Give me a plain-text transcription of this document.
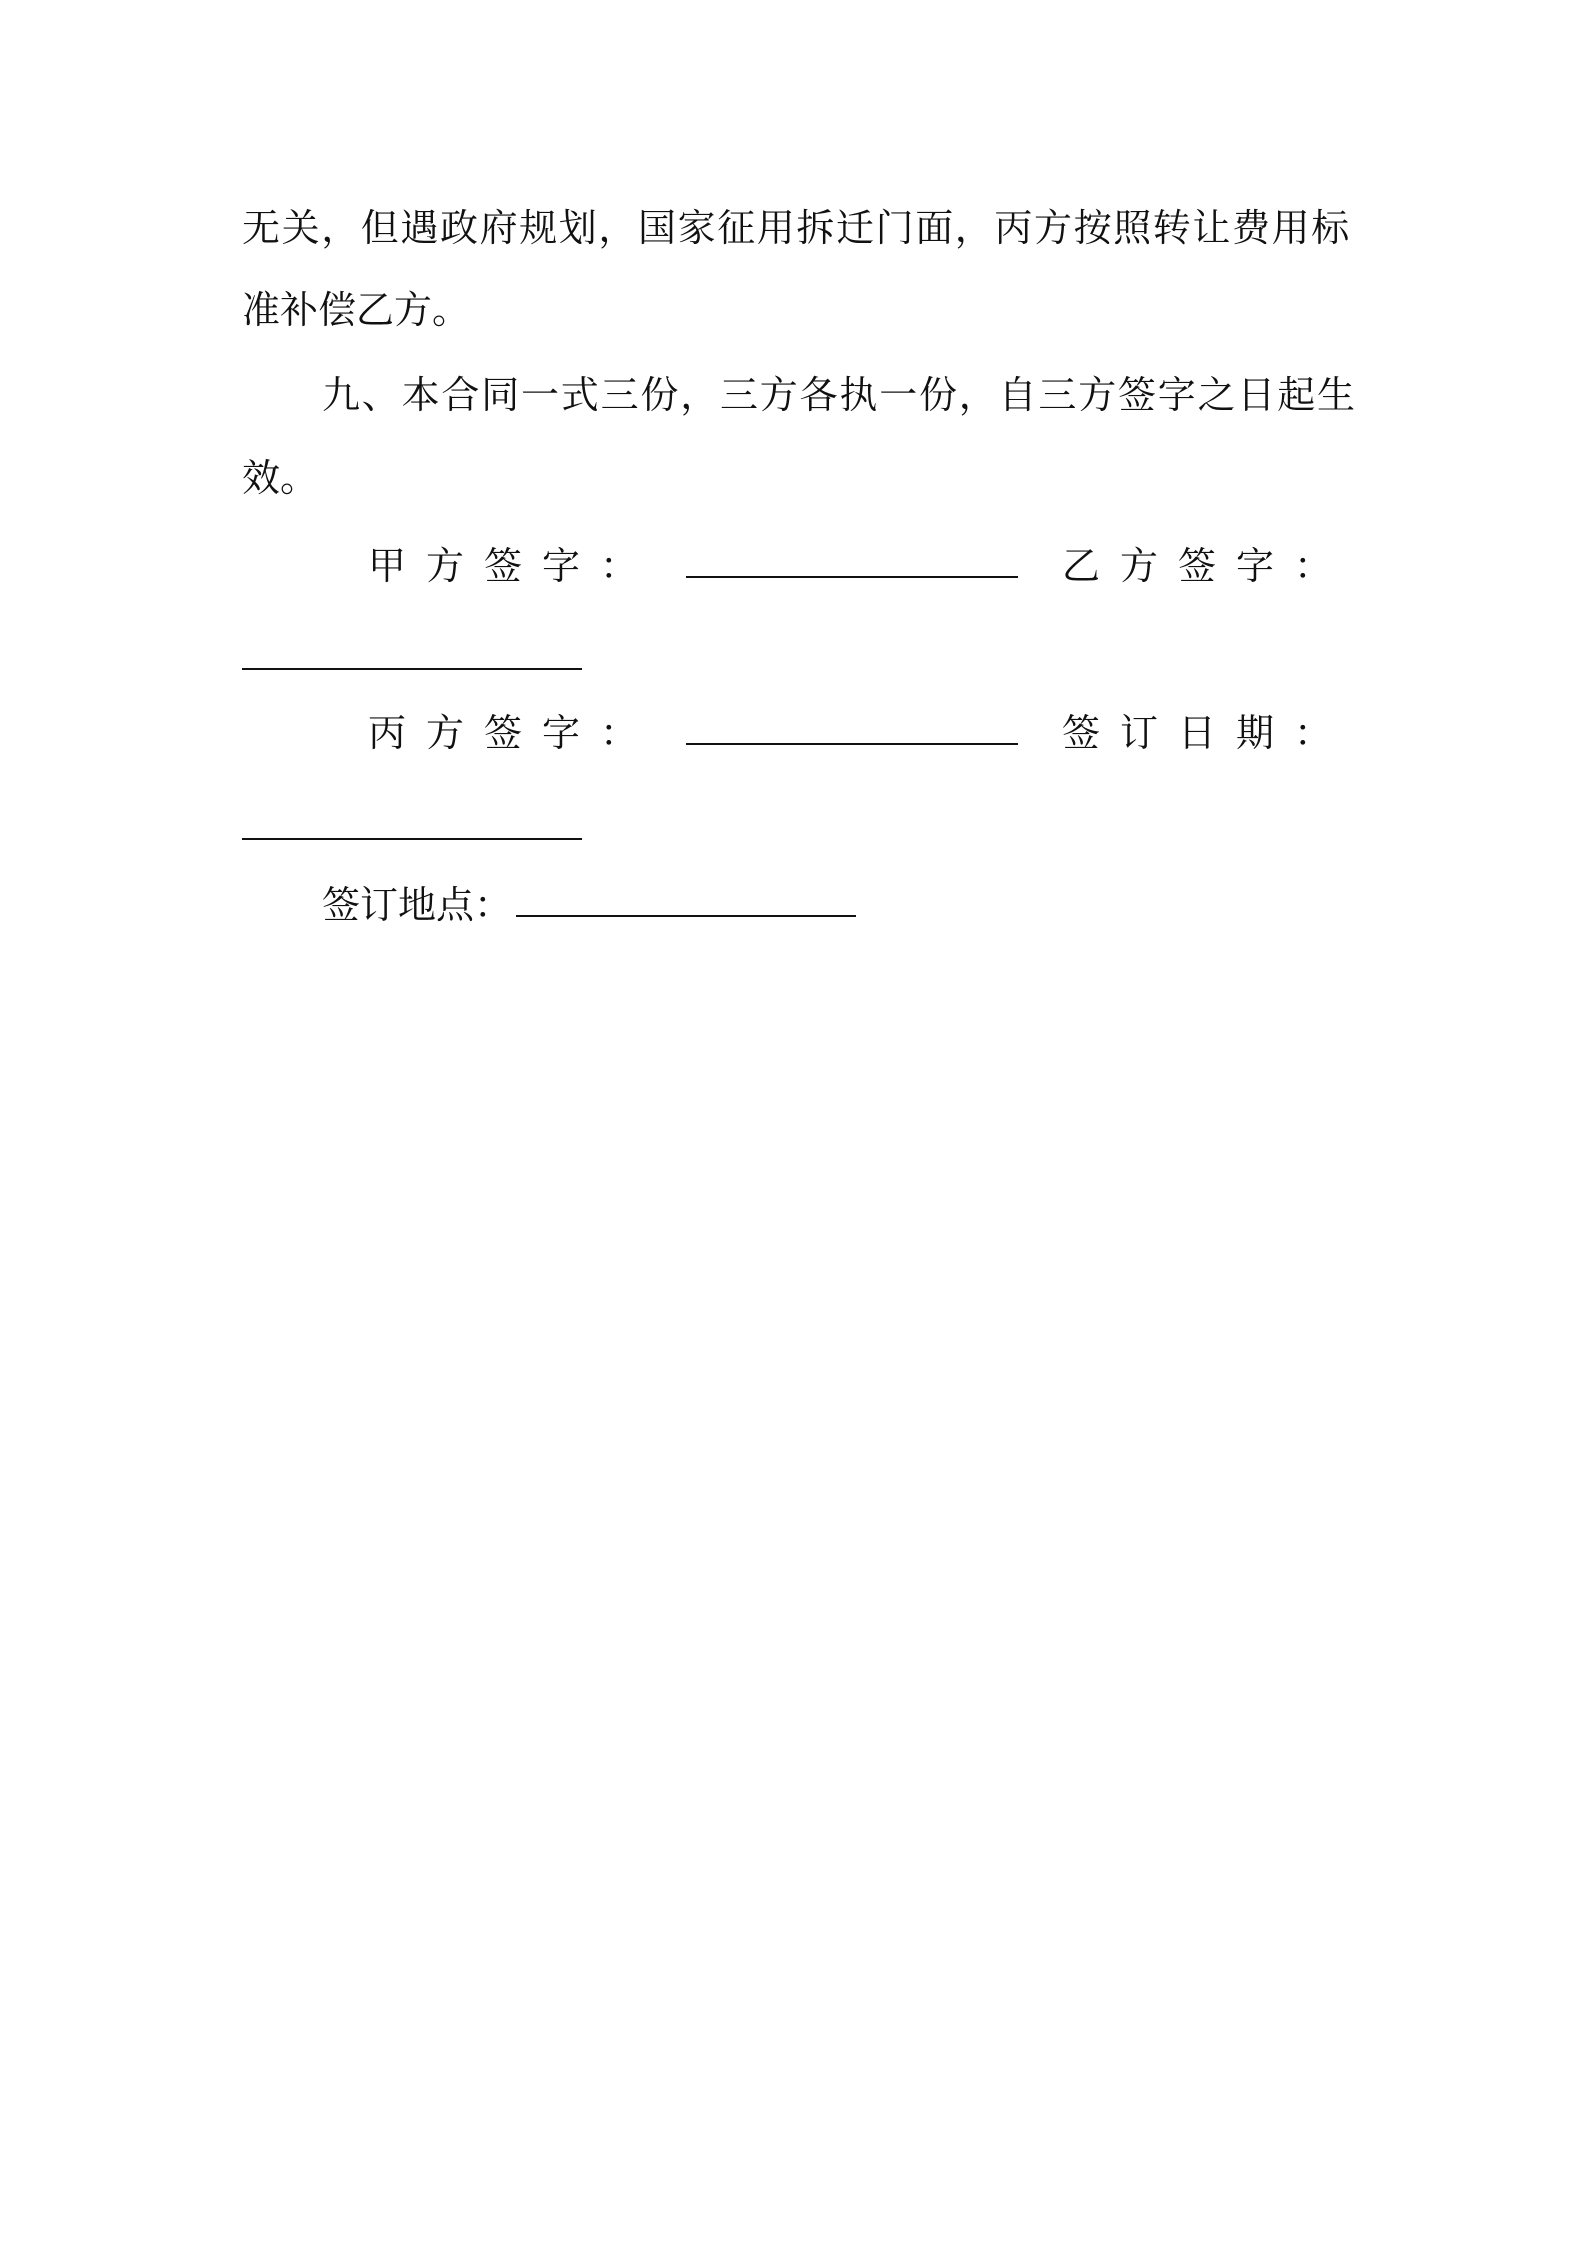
无关，但遇政府规划，国家征用拆迁门面，丙方按照转让费用标
准补偿乙方。
九、本合同一式三份，三方各执一份，自三方签字之日起生
效。
甲方签字：	乙方签字：
丙方签字：	签订日期：
签订地点：
